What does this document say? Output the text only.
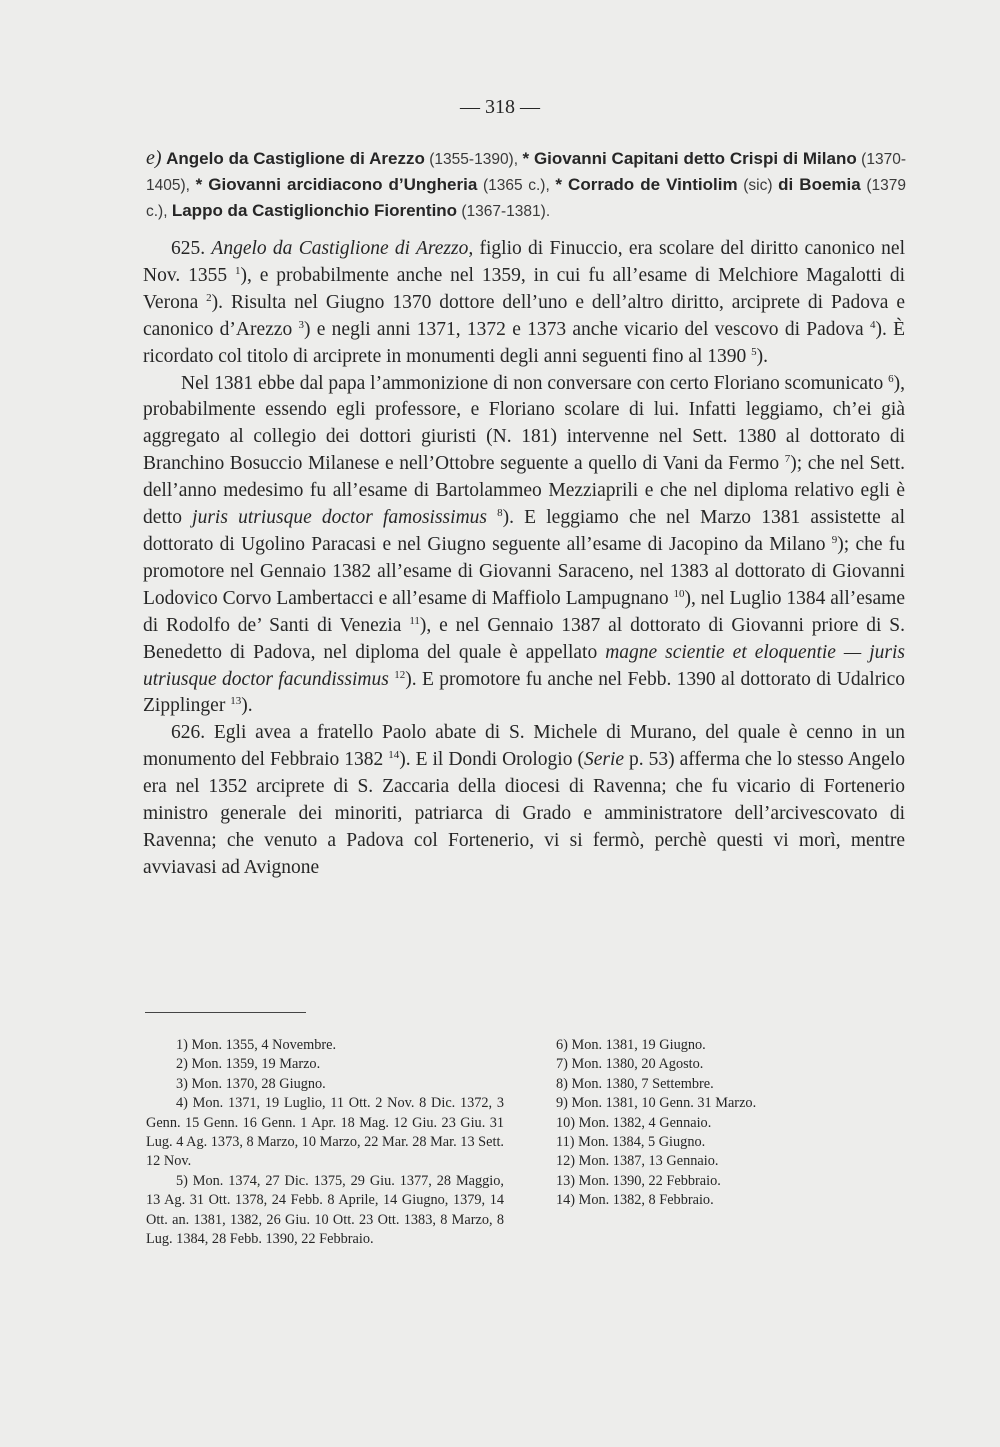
— 318 —
e) Angelo da Castiglione di Arezzo (1355-1390), * Giovanni Capitani detto Crispi di Milano (1370-1405), * Giovanni arcidiacono d’Ungheria (1365 c.), * Corrado de Vintiolim (sic) di Boemia (1379 c.), Lappo da Castiglionchio Fiorentino (1367-1381).

625. Angelo da Castiglione di Arezzo, figlio di Finuccio, era scolare del diritto canonico nel Nov. 1355 $^1$), e probabilmente anche nel 1359, in cui fu all’esame di Melchiore Magalotti di Verona $^2$). Risulta nel Giugno 1370 dottore dell’uno e dell’altro diritto, arciprete di Padova e canonico d’Arezzo $^3$) e negli anni 1371, 1372 e 1373 anche vicario del vescovo di Padova $^4$). È ricordato col titolo di arciprete in monumenti degli anni seguenti fino al 1390 $^5$).

Nel 1381 ebbe dal papa l’ammonizione di non conversare con certo Floriano scomunicato $^6$), probabilmente essendo egli professore, e Floriano scolare di lui. Infatti leggiamo, ch’ei già aggregato al collegio dei dottori giuristi (N. 181) intervenne nel Sett. 1380 al dottorato di Branchino Bosuccio Milanese e nell’Ottobre seguente a quello di Vani da Fermo $^7$); che nel Sett. dell’anno medesimo fu all’esame di Bartolammeo Mezziaprili e che nel diploma relativo egli è detto juris utriusque doctor famosissimus $^8$). E leggiamo che nel Marzo 1381 assistette al dottorato di Ugolino Paracasi e nel Giugno seguente all’esame di Jacopino da Milano $^9$); che fu promotore nel Gennaio 1382 all’esame di Giovanni Saraceno, nel 1383 al dottorato di Giovanni Lodovico Corvo Lambertacci e all’esame di Maffiolo Lampugnano $^{10}$), nel Luglio 1384 all’esame di Rodolfo de’ Santi di Venezia $^{11}$), e nel Gennaio 1387 al dottorato di Giovanni priore di S. Benedetto di Padova, nel diploma del quale è appellato magne scientie et eloquentie — juris utriusque doctor facundissimus $^{12}$). E promotore fu anche nel Febb. 1390 al dottorato di Udalrico Zipplinger $^{13}$).

626. Egli avea a fratello Paolo abate di S. Michele di Murano, del quale è cenno in un monumento del Febbraio 1382 $^{14}$). E il Dondi Orologio (Serie p. 53) afferma che lo stesso Angelo era nel 1352 arciprete di S. Zaccaria della diocesi di Ravenna; che fu vicario di Fortenerio ministro generale dei minoriti, patriarca di Grado e amministratore dell’arcivescovato di Ravenna; che venuto a Padova col Fortenerio, vi si fermò, perchè questi vi morì, mentre avviavasi ad Avignone

1) Mon. 1355, 4 Novembre.

2) Mon. 1359, 19 Marzo.

3) Mon. 1370, 28 Giugno.

4) Mon. 1371, 19 Luglio, 11 Ott. 2 Nov. 8 Dic. 1372, 3 Genn. 15 Genn. 16 Genn. 1 Apr. 18 Mag. 12 Giu. 23 Giu. 31 Lug. 4 Ag. 1373, 8 Marzo, 10 Marzo, 22 Mar. 28 Mar. 13 Sett. 12 Nov.

5) Mon. 1374, 27 Dic. 1375, 29 Giu. 1377, 28 Maggio, 13 Ag. 31 Ott. 1378, 24 Febb. 8 Aprile, 14 Giugno, 1379, 14 Ott. an. 1381, 1382, 26 Giu. 10 Ott. 23 Ott. 1383, 8 Marzo, 8 Lug. 1384, 28 Febb. 1390, 22 Febbraio.

6) Mon. 1381, 19 Giugno.

7) Mon. 1380, 20 Agosto.

8) Mon. 1380, 7 Settembre.

9) Mon. 1381, 10 Genn. 31 Marzo.

10) Mon. 1382, 4 Gennaio.

11) Mon. 1384, 5 Giugno.

12) Mon. 1387, 13 Gennaio.

13) Mon. 1390, 22 Febbraio.

14) Mon. 1382, 8 Febbraio.
